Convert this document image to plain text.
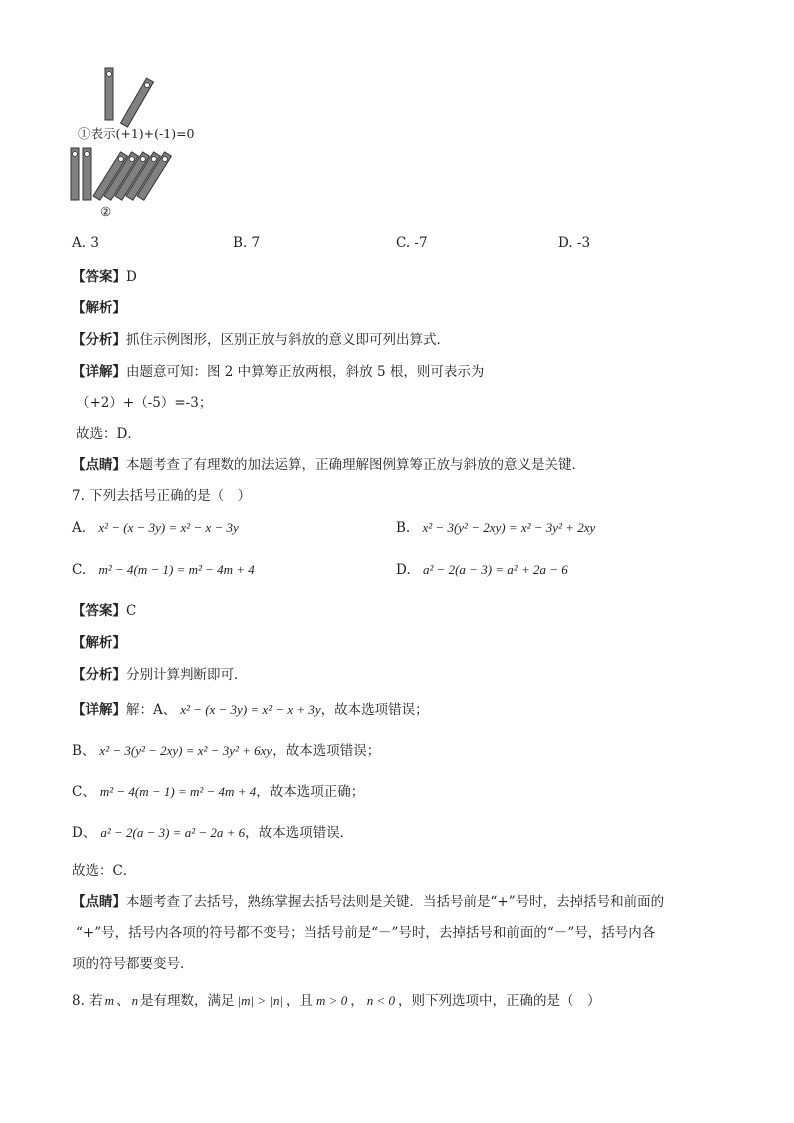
①表示(+1)+(-1)=0
②
A. 3	B. 7	C. -7	D. -3
【答案】D
【解析】
【分析】抓住示例图形，区别正放与斜放的意义即可列出算式．
【详解】由题意可知：图 2 中算筹正放两根，斜放 5 根，则可表示为
（+2）+（-5）=-3；
故选：D．
【点睛】本题考查了有理数的加法运算，正确理解图例算筹正放与斜放的意义是关键．
7. 下列去括号正确的是（　）
A. x² − (x − 3y) = x² − x − 3y	B. x² − 3(y² − 2xy) = x² − 3y² + 2xy
C. m² − 4(m − 1) = m² − 4m + 4	D. a² − 2(a − 3) = a² + 2a − 6
【答案】C
【解析】
【分析】分别计算判断即可．
【详解】解：A、 x² − (x − 3y) = x² − x + 3y，故本选项错误；
B、 x² − 3(y² − 2xy) = x² − 3y² + 6xy，故本选项错误；
C、 m² − 4(m − 1) = m² − 4m + 4，故本选项正确；
D、 a² − 2(a − 3) = a² − 2a + 6，故本选项错误．
故选：C．
【点睛】本题考查了去括号，熟练掌握去括号法则是关键．当括号前是“+”号时，去掉括号和前面的
“+”号，括号内各项的符号都不变号；当括号前是“－”号时，去掉括号和前面的“－”号，括号内各
项的符号都要变号．
8. 若 m 、 n 是有理数，满足 |m| > |n| ，且 m > 0 ， n < 0 ，则下列选项中，正确的是（　）
